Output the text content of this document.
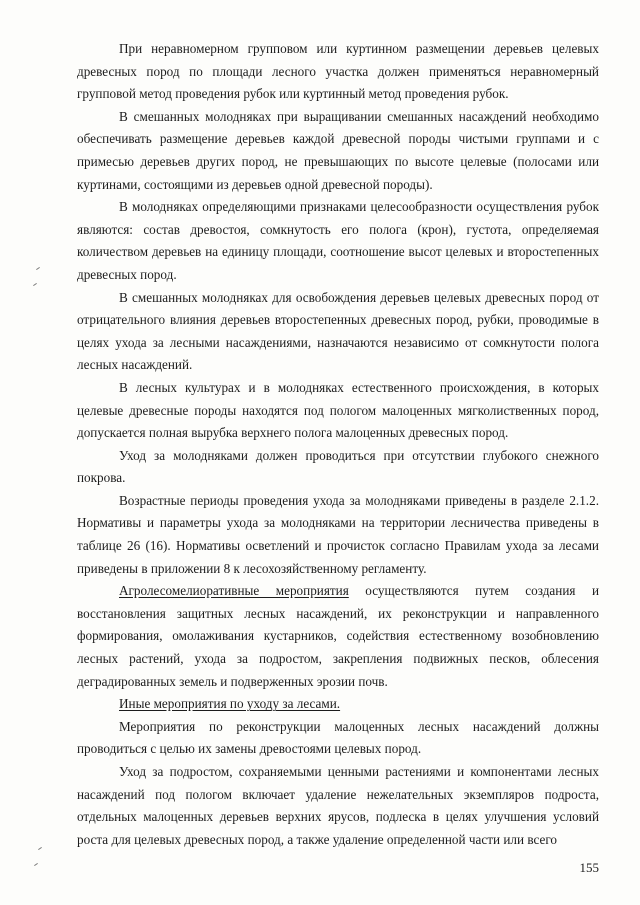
При неравномерном групповом или куртинном размещении деревьев целевых древесных пород по площади лесного участка должен применяться неравномерный групповой метод проведения рубок или куртинный метод проведения рубок.

В смешанных молодняках при выращивании смешанных насаждений необходимо обеспечивать размещение деревьев каждой древесной породы чистыми группами и с примесью деревьев других пород, не превышающих по высоте целевые (полосами или куртинами, состоящими из деревьев одной древесной породы).

В молодняках определяющими признаками целесообразности осуществления рубок являются: состав древостоя, сомкнутость его полога (крон), густота, определяемая количеством деревьев на единицу площади, соотношение высот целевых и второстепенных древесных пород.

В смешанных молодняках для освобождения деревьев целевых древесных пород от отрицательного влияния деревьев второстепенных древесных пород, рубки, проводимые в целях ухода за лесными насаждениями, назначаются независимо от сомкнутости полога лесных насаждений.

В лесных культурах и в молодняках естественного происхождения, в которых целевые древесные породы находятся под пологом малоценных мягколиственных пород, допускается полная вырубка верхнего полога малоценных древесных пород.

Уход за молодняками должен проводиться при отсутствии глубокого снежного покрова.

Возрастные периоды проведения ухода за молодняками приведены в разделе 2.1.2. Нормативы и параметры ухода за молодняками на территории лесничества приведены в таблице 26 (16). Нормативы осветлений и прочисток согласно Правилам ухода за лесами приведены в приложении 8 к лесохозяйственному регламенту.

Агролесомелиоративные мероприятия осуществляются путем создания и восстановления защитных лесных насаждений, их реконструкции и направленного формирования, омолаживания кустарников, содействия естественному возобновлению лесных растений, ухода за подростом, закрепления подвижных песков, облесения деградированных земель и подверженных эрозии почв.

Иные мероприятия по уходу за лесами.

Мероприятия по реконструкции малоценных лесных насаждений должны проводиться с целью их замены древостоями целевых пород.

Уход за подростом, сохраняемыми ценными растениями и компонентами лесных насаждений под пологом включает удаление нежелательных экземпляров подроста, отдельных малоценных деревьев верхних ярусов, подлеска в целях улучшения условий роста для целевых древесных пород, а также удаление определенной части или всего

155
